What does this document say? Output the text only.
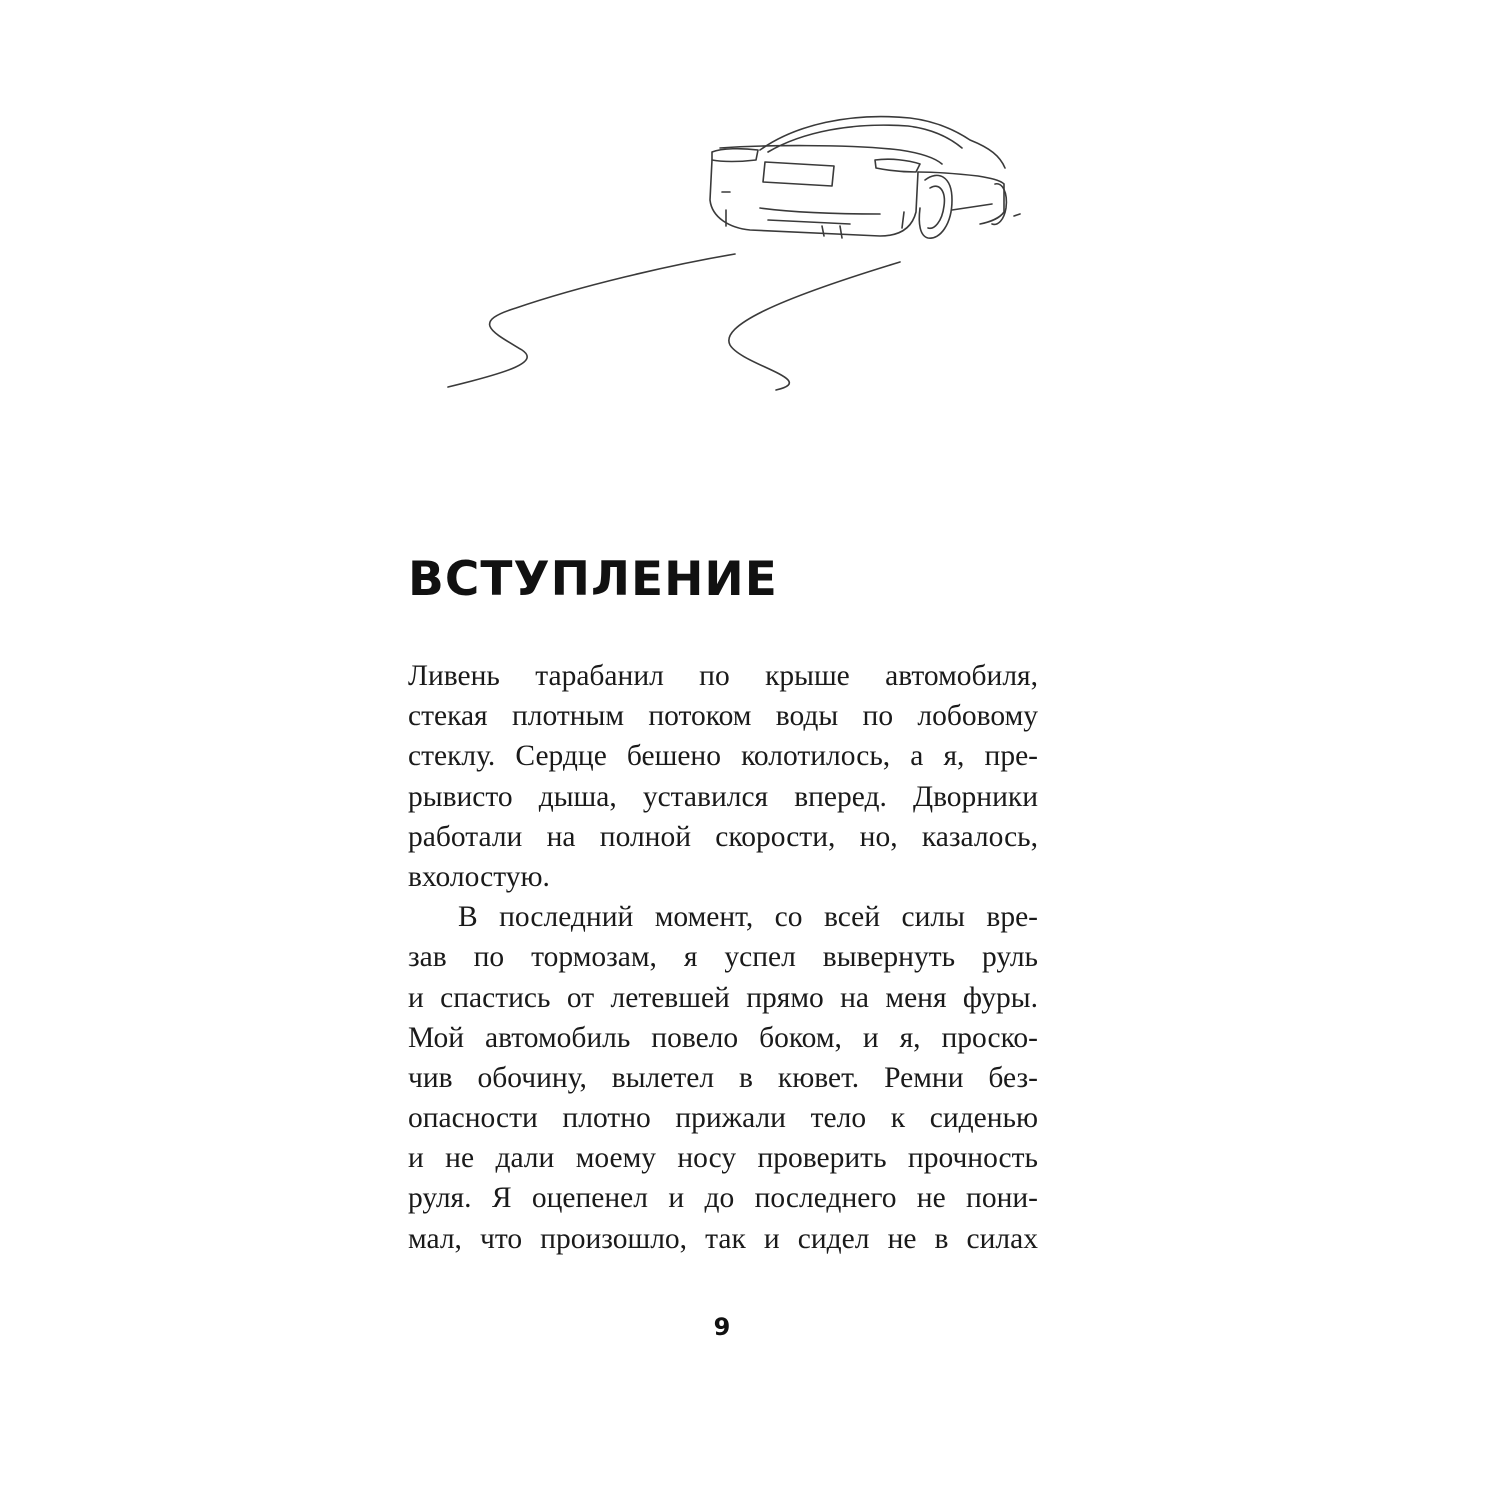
ВСТУПЛЕНИЕ
Ливень тарабанил по крыше автомобиля,
стекая плотным потоком воды по лобовому
стеклу. Сердце бешено колотилось, а я, пре-
рывисто дыша, уставился вперед. Дворники
работали на полной скорости, но, казалось,
вхолостую.
В последний момент, со всей силы вре-
зав по тормозам, я успел вывернуть руль
и спастись от летевшей прямо на меня фуры.
Мой автомобиль повело боком, и я, проско-
чив обочину, вылетел в кювет. Ремни без-
опасности плотно прижали тело к сиденью
и не дали моему носу проверить прочность
руля. Я оцепенел и до последнего не пони-
мал, что произошло, так и сидел не в силах
9
